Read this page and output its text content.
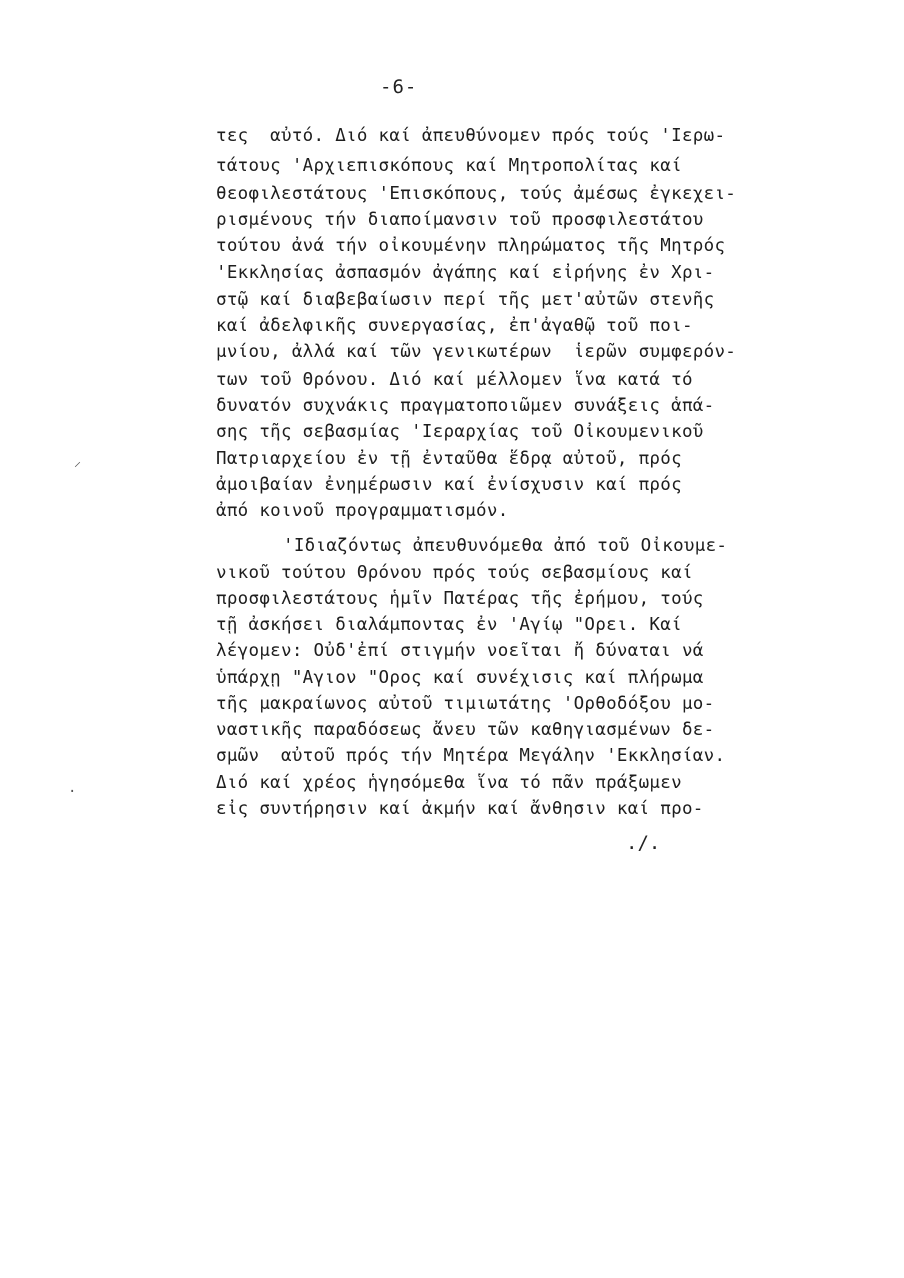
-6-
τες  αὐτό. Διό καί ἀπευθύνομεν πρός τούς 'Ιερω-
τάτους 'Αρχιεπισκόπους καί Μητροπολίτας καί
θεοφιλεστάτους 'Επισκόπους, τούς ἀμέσως ἐγκεχει-
ρισμένους τήν διαποίμανσιν τοῦ προσφιλεστάτου
τούτου ἀνά τήν οἰκουμένην πληρώματος τῆς Μητρός
'Εκκλησίας ἀσπασμόν ἀγάπης καί εἰρήνης ἐν Χρι-
στῷ καί διαβεβαίωσιν περί τῆς μετ'αὐτῶν στενῆς
καί ἀδελφικῆς συνεργασίας, ἐπ'ἀγαθῷ τοῦ ποι-
μνίου, ἀλλά καί τῶν γενικωτέρων  ἱερῶν συμφερόν-
των τοῦ Θρόνου. Διό καί μέλλομεν ἵνα κατά τό
δυνατόν συχνάκις πραγματοποιῶμεν συνάξεις ἁπά-
σης τῆς σεβασμίας 'Ιεραρχίας τοῦ Οἰκουμενικοῦ
Πατριαρχείου ἐν τῇ ἐνταῦθα ἕδρᾳ αὐτοῦ, πρός
ἀμοιβαίαν ἐνημέρωσιν καί ἐνίσχυσιν καί πρός
ἀπό κοινοῦ προγραμματισμόν.
'Ιδιαζόντως ἀπευθυνόμεθα ἀπό τοῦ Οἰκουμε-
νικοῦ τούτου Θρόνου πρός τούς σεβασμίους καί
προσφιλεστάτους ἡμῖν Πατέρας τῆς ἐρήμου, τούς
τῇ ἀσκήσει διαλάμποντας ἐν 'Αγίῳ "Ορει. Καί
λέγομεν: Οὐδ'ἐπί στιγμήν νοεῖται ἤ δύναται νά
ὑπάρχῃ "Αγιον "Ορος καί συνέχισις καί πλήρωμα
τῆς μακραίωνος αὐτοῦ τιμιωτάτης 'Ορθοδόξου μο-
ναστικῆς παραδόσεως ἄνευ τῶν καθηγιασμένων δε-
σμῶν  αὐτοῦ πρός τήν Μητέρα Μεγάλην 'Εκκλησίαν.
Διό καί χρέος ἡγησόμεθα ἵνα τό πᾶν πράξωμεν
εἰς συντήρησιν καί ἀκμήν καί ἄνθησιν καί προ-
./.
⸝
·
